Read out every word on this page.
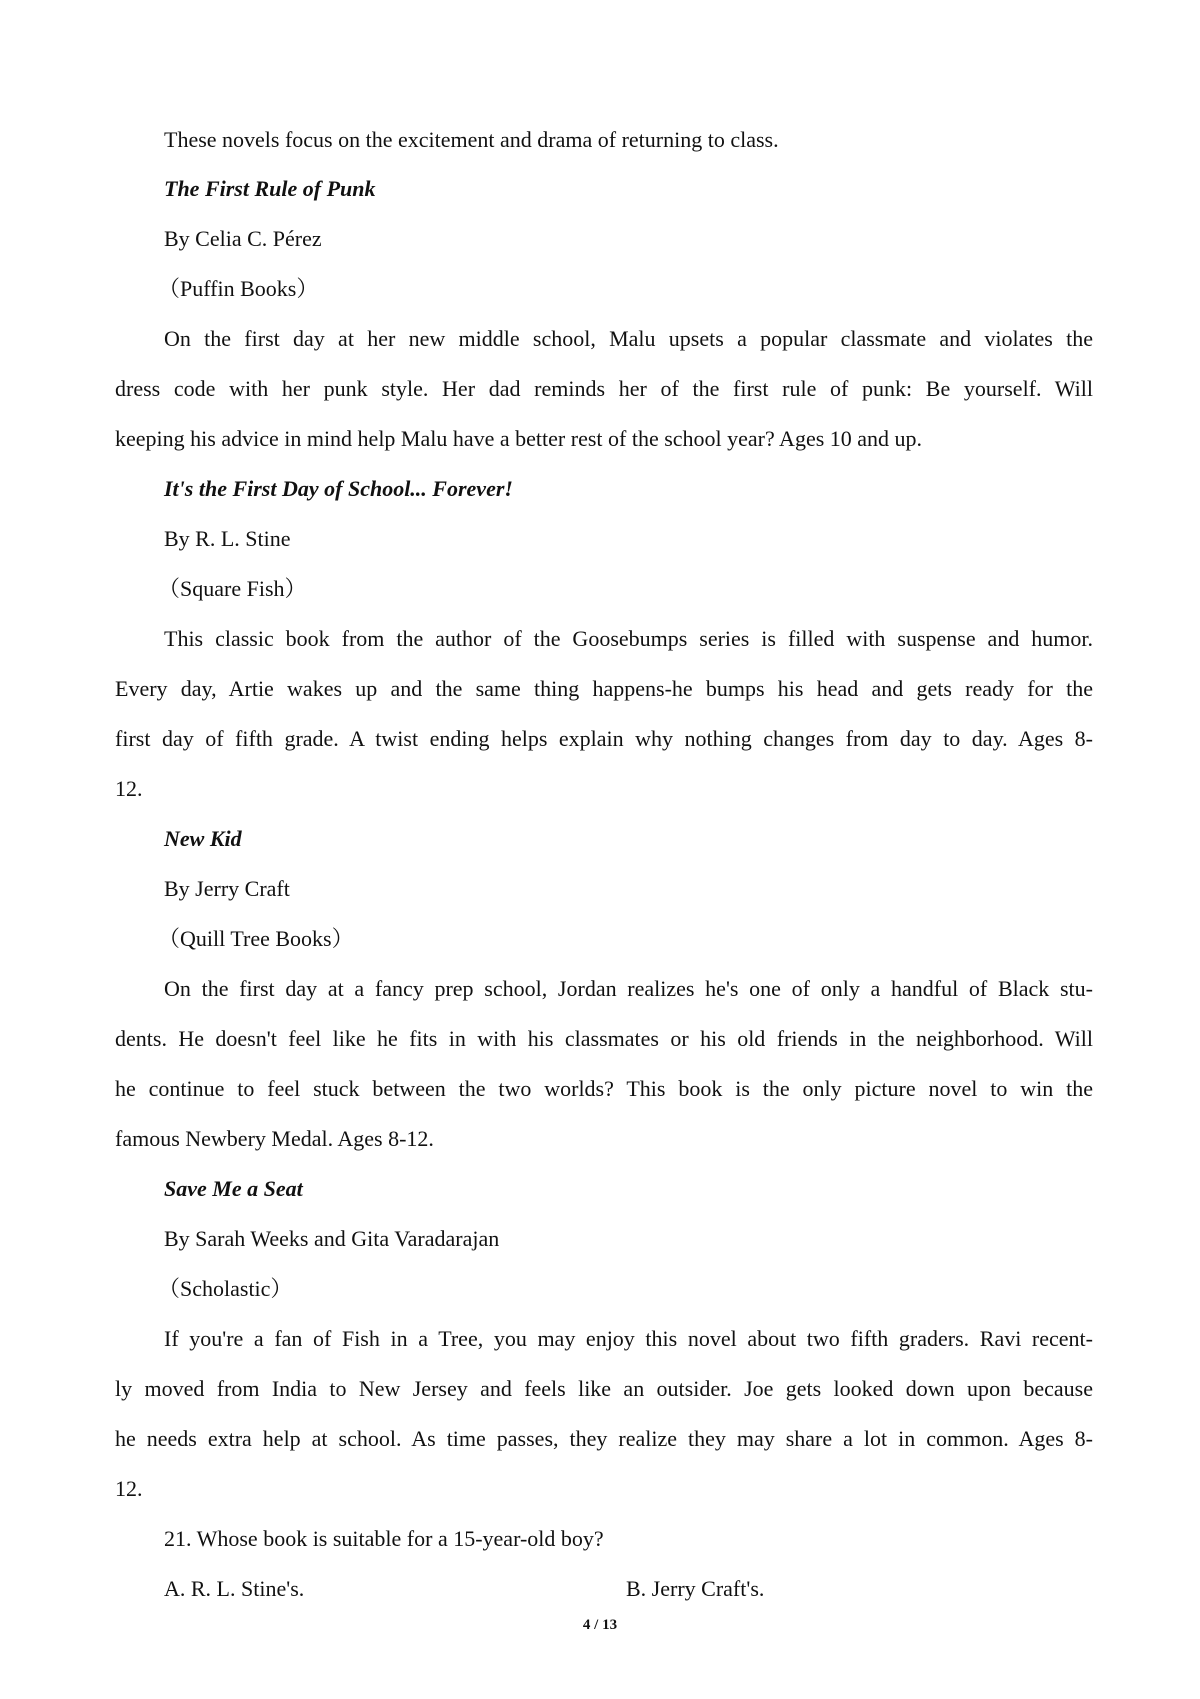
These novels focus on the excitement and drama of returning to class.
The First Rule of Punk
By Celia C. Pérez
（Puffin Books）
On the first day at her new middle school, Malu upsets a popular classmate and violates the
dress code with her punk style. Her dad reminds her of the first rule of punk: Be yourself. Will
keeping his advice in mind help Malu have a better rest of the school year? Ages 10 and up.
It's the First Day of School... Forever!
By R. L. Stine
（Square Fish）
This classic book from the author of the Goosebumps series is filled with suspense and humor.
Every day, Artie wakes up and the same thing happens-he bumps his head and gets ready for the
first day of fifth grade. A twist ending helps explain why nothing changes from day to day. Ages 8-
12.
New Kid
By Jerry Craft
（Quill Tree Books）
On the first day at a fancy prep school, Jordan realizes he's one of only a handful of Black stu-
dents. He doesn't feel like he fits in with his classmates or his old friends in the neighborhood. Will
he continue to feel stuck between the two worlds? This book is the only picture novel to win the
famous Newbery Medal. Ages 8-12.
Save Me a Seat
By Sarah Weeks and Gita Varadarajan
（Scholastic）
If you're a fan of Fish in a Tree, you may enjoy this novel about two fifth graders. Ravi recent-
ly moved from India to New Jersey and feels like an outsider. Joe gets looked down upon because
he needs extra help at school. As time passes, they realize they may share a lot in common. Ages 8-
12.
21. Whose book is suitable for a 15-year-old boy?
A. R. L. Stine's.	B. Jerry Craft's.
4 / 13
